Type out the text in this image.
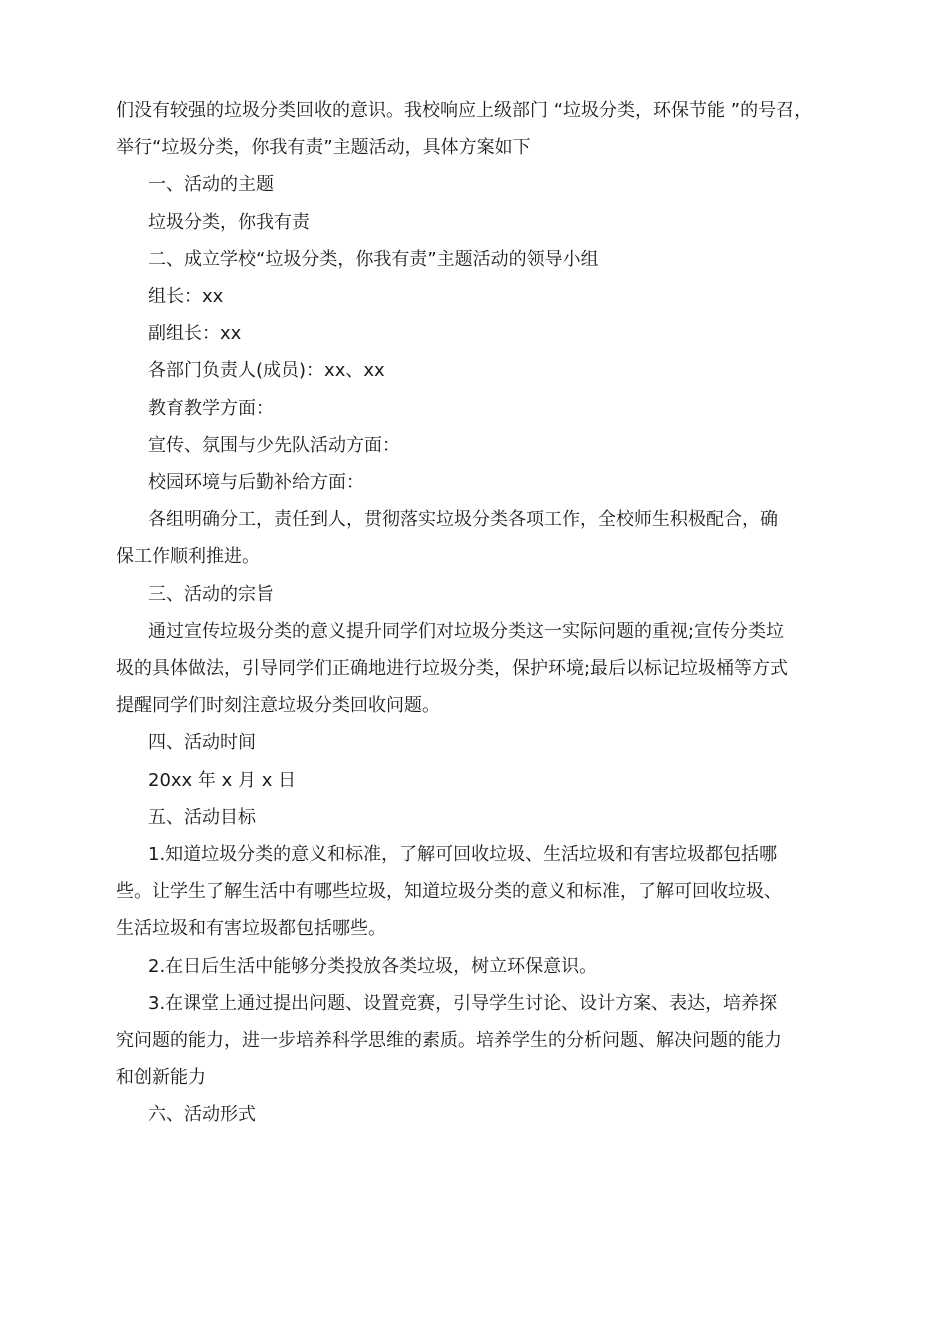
们没有较强的垃圾分类回收的意识。我校响应上级部门 “垃圾分类，环保节能 ”的号召，

举行“垃圾分类，你我有责”主题活动，具体方案如下

一、活动的主题

垃圾分类，你我有责

二、成立学校“垃圾分类，你我有责”主题活动的领导小组

组长：xx

副组长：xx

各部门负责人(成员)：xx、xx

教育教学方面：

宣传、氛围与少先队活动方面：

校园环境与后勤补给方面：

各组明确分工，责任到人，贯彻落实垃圾分类各项工作，全校师生积极配合，确

保工作顺利推进。

三、活动的宗旨

通过宣传垃圾分类的意义提升同学们对垃圾分类这一实际问题的重视;宣传分类垃

圾的具体做法，引导同学们正确地进行垃圾分类，保护环境;最后以标记垃圾桶等方式

提醒同学们时刻注意垃圾分类回收问题。

四、活动时间

20xx 年 x 月 x 日

五、活动目标

1.知道垃圾分类的意义和标准，了解可回收垃圾、生活垃圾和有害垃圾都包括哪

些。让学生了解生活中有哪些垃圾，知道垃圾分类的意义和标准，了解可回收垃圾、

生活垃圾和有害垃圾都包括哪些。

2.在日后生活中能够分类投放各类垃圾，树立环保意识。

3.在课堂上通过提出问题、设置竞赛，引导学生讨论、设计方案、表达，培养探

究问题的能力，进一步培养科学思维的素质。培养学生的分析问题、解决问题的能力

和创新能力

六、活动形式
